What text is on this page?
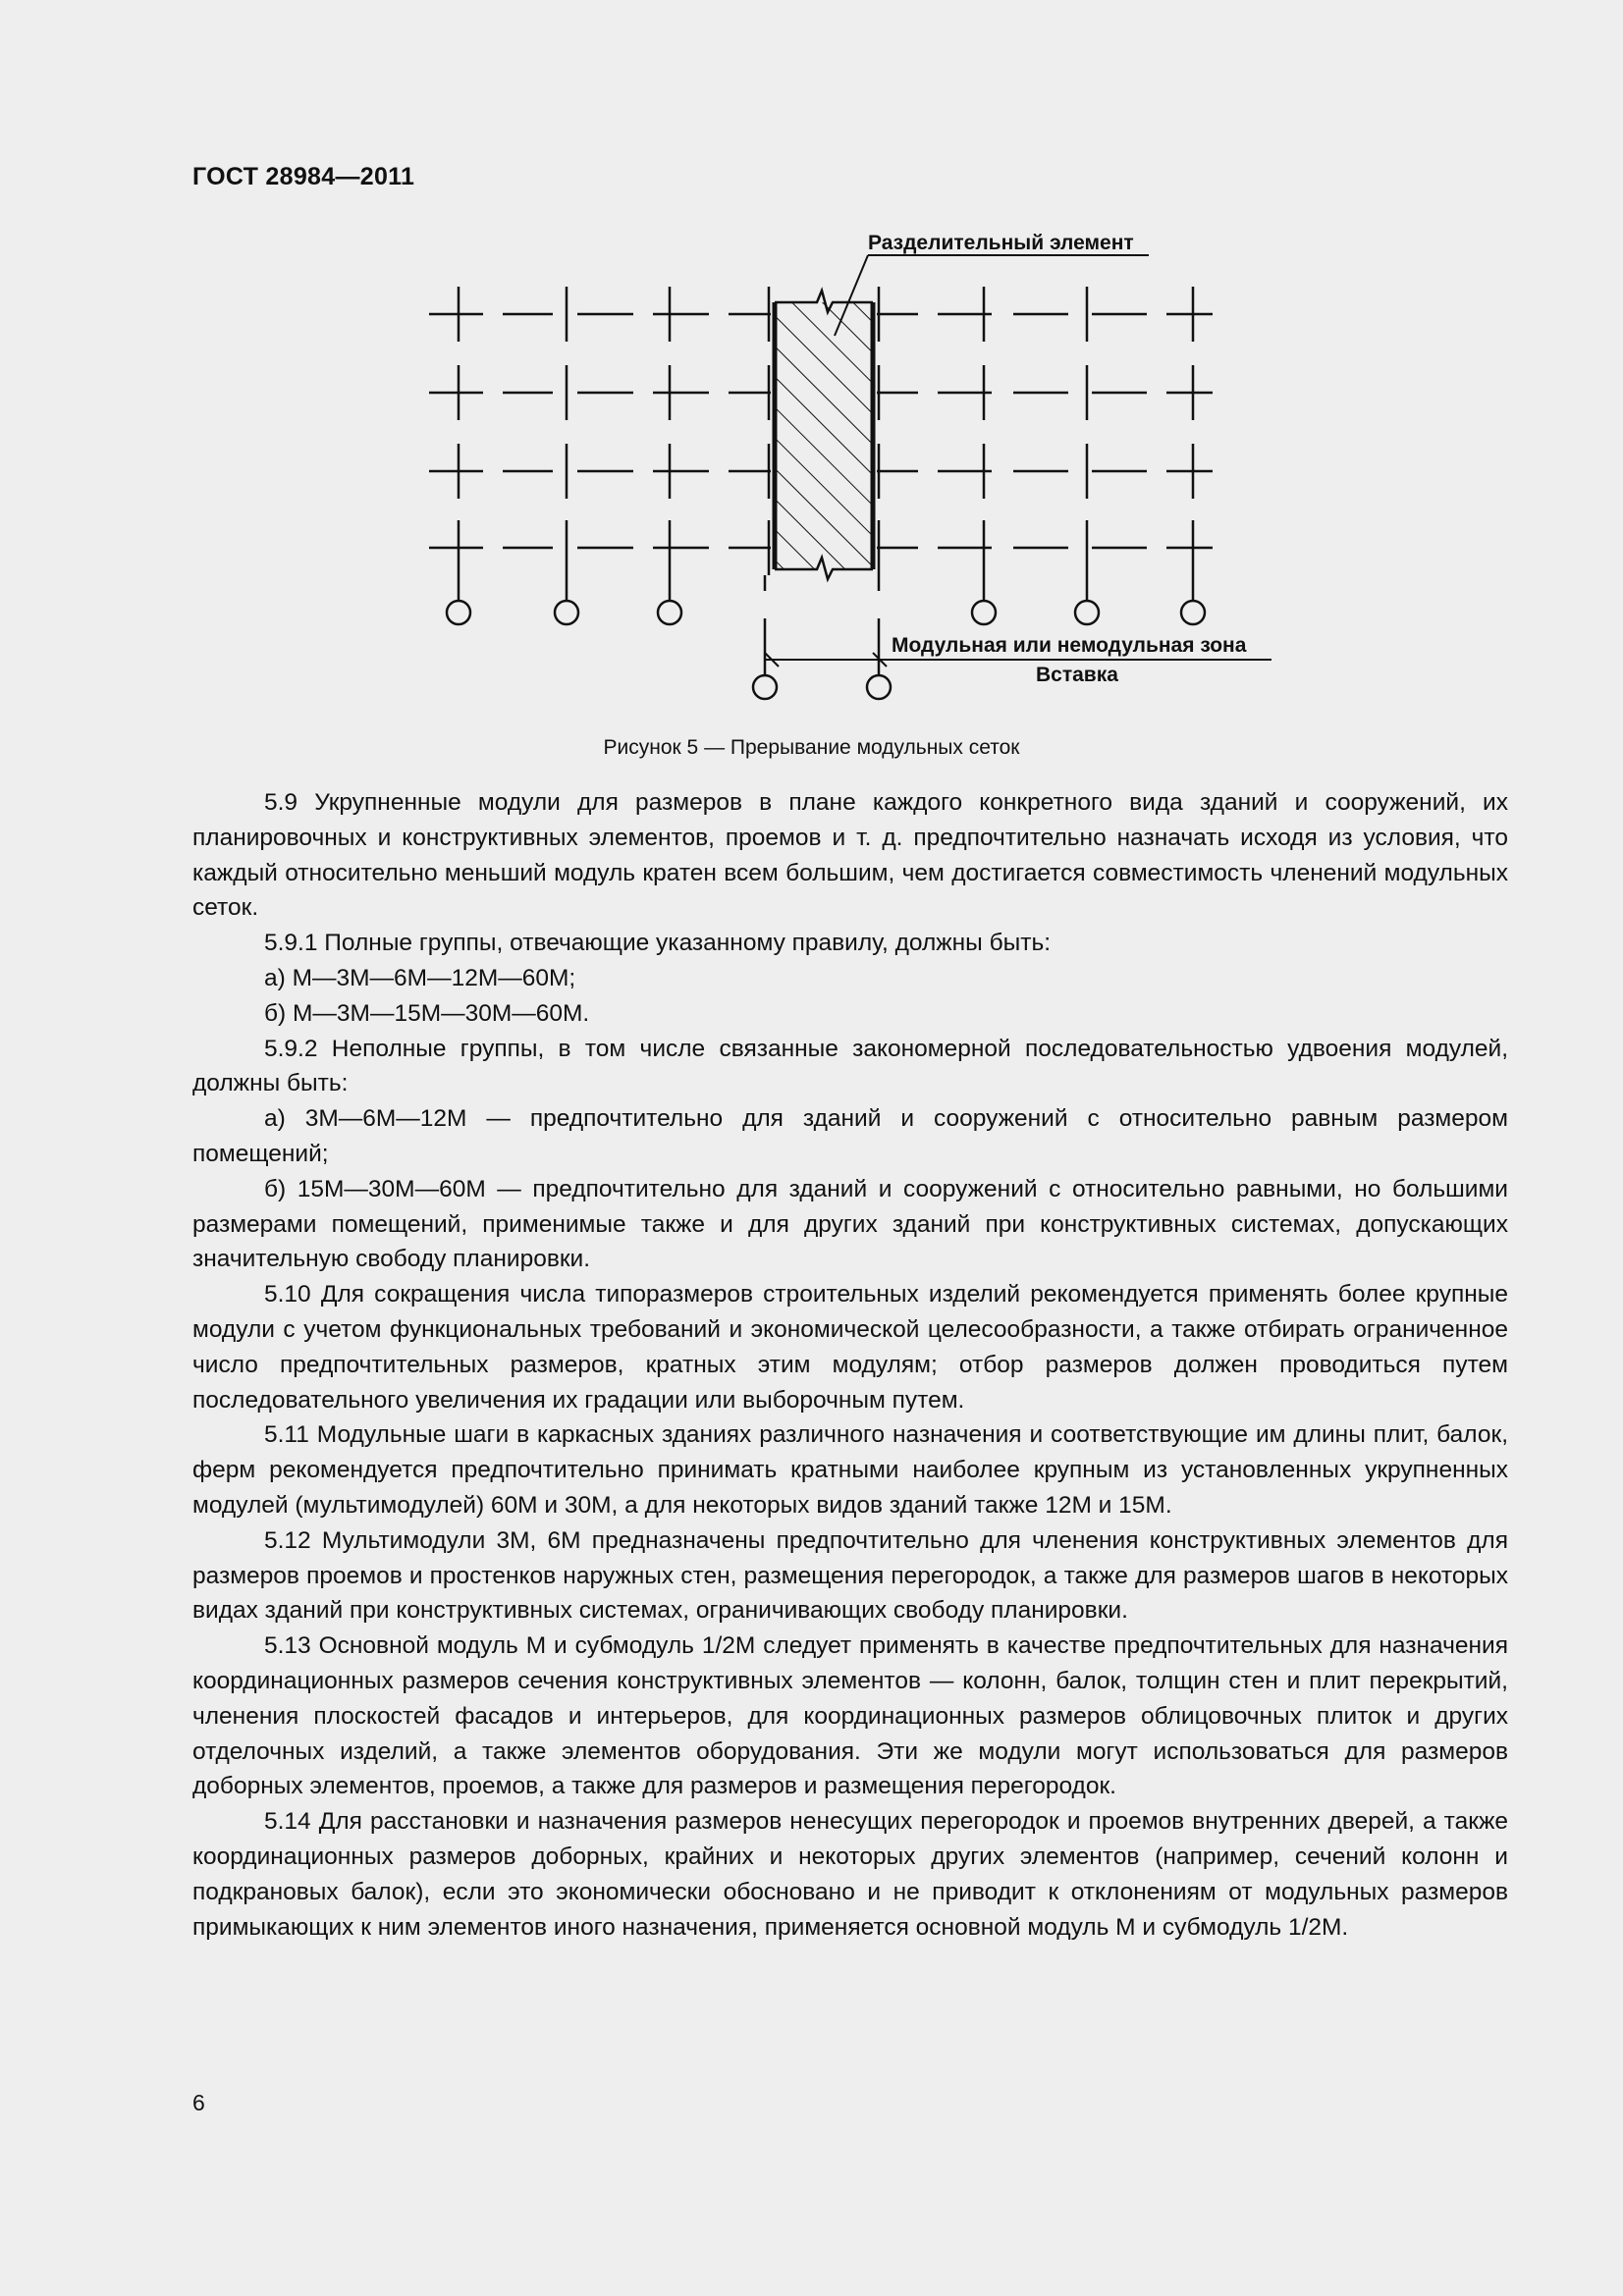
ГОСТ 28984—2011
Разделительный элемент
Модульная или немодульная зона
Вставка
Рисунок 5 — Прерывание модульных сеток

5.9 Укрупненные модули для размеров в плане каждого конкретного вида зданий и сооружений, их планировочных и конструктивных элементов, проемов и т. д. предпочтительно назначать исходя из условия, что каждый относительно меньший модуль кратен всем большим, чем достигается совместимость членений модульных сеток.

5.9.1 Полные группы, отвечающие указанному правилу, должны быть:

а) М—3М—6М—12М—60М;

б) М—3М—15М—30М—60М.

5.9.2 Неполные группы, в том числе связанные закономерной последовательностью удвоения модулей, должны быть:

а) 3М—6М—12М — предпочтительно для зданий и сооружений с относительно равным размером помещений;

б) 15М—30М—60М — предпочтительно для зданий и сооружений с относительно равными, но большими размерами помещений, применимые также и для других зданий при конструктивных системах, допускающих значительную свободу планировки.

5.10 Для сокращения числа типоразмеров строительных изделий рекомендуется применять более крупные модули с учетом функциональных требований и экономической целесообразности, а также отбирать ограниченное число предпочтительных размеров, кратных этим модулям; отбор размеров должен проводиться путем последовательного увеличения их градации или выборочным путем.

5.11 Модульные шаги в каркасных зданиях различного назначения и соответствующие им длины плит, балок, ферм рекомендуется предпочтительно принимать кратными наиболее крупным из установленных укрупненных модулей (мультимодулей) 60М и 30М, а для некоторых видов зданий также 12М и 15М.

5.12 Мультимодули 3М, 6М предназначены предпочтительно для членения конструктивных элементов для размеров проемов и простенков наружных стен, размещения перегородок, а также для размеров шагов в некоторых видах зданий при конструктивных системах, ограничивающих свободу планировки.

5.13 Основной модуль М и субмодуль 1/2М следует применять в качестве предпочтительных для назначения координационных размеров сечения конструктивных элементов — колонн, балок, толщин стен и плит перекрытий, членения плоскостей фасадов и интерьеров, для координационных размеров облицовочных плиток и других отделочных изделий, а также элементов оборудования. Эти же модули могут использоваться для размеров доборных элементов, проемов, а также для размеров и размещения перегородок.

5.14 Для расстановки и назначения размеров ненесущих перегородок и проемов внутренних дверей, а также координационных размеров доборных, крайних и некоторых других элементов (например, сечений колонн и подкрановых балок), если это экономически обосновано и не приводит к отклонениям от модульных размеров примыкающих к ним элементов иного назначения, применяется основной модуль М и субмодуль 1/2М.

6
